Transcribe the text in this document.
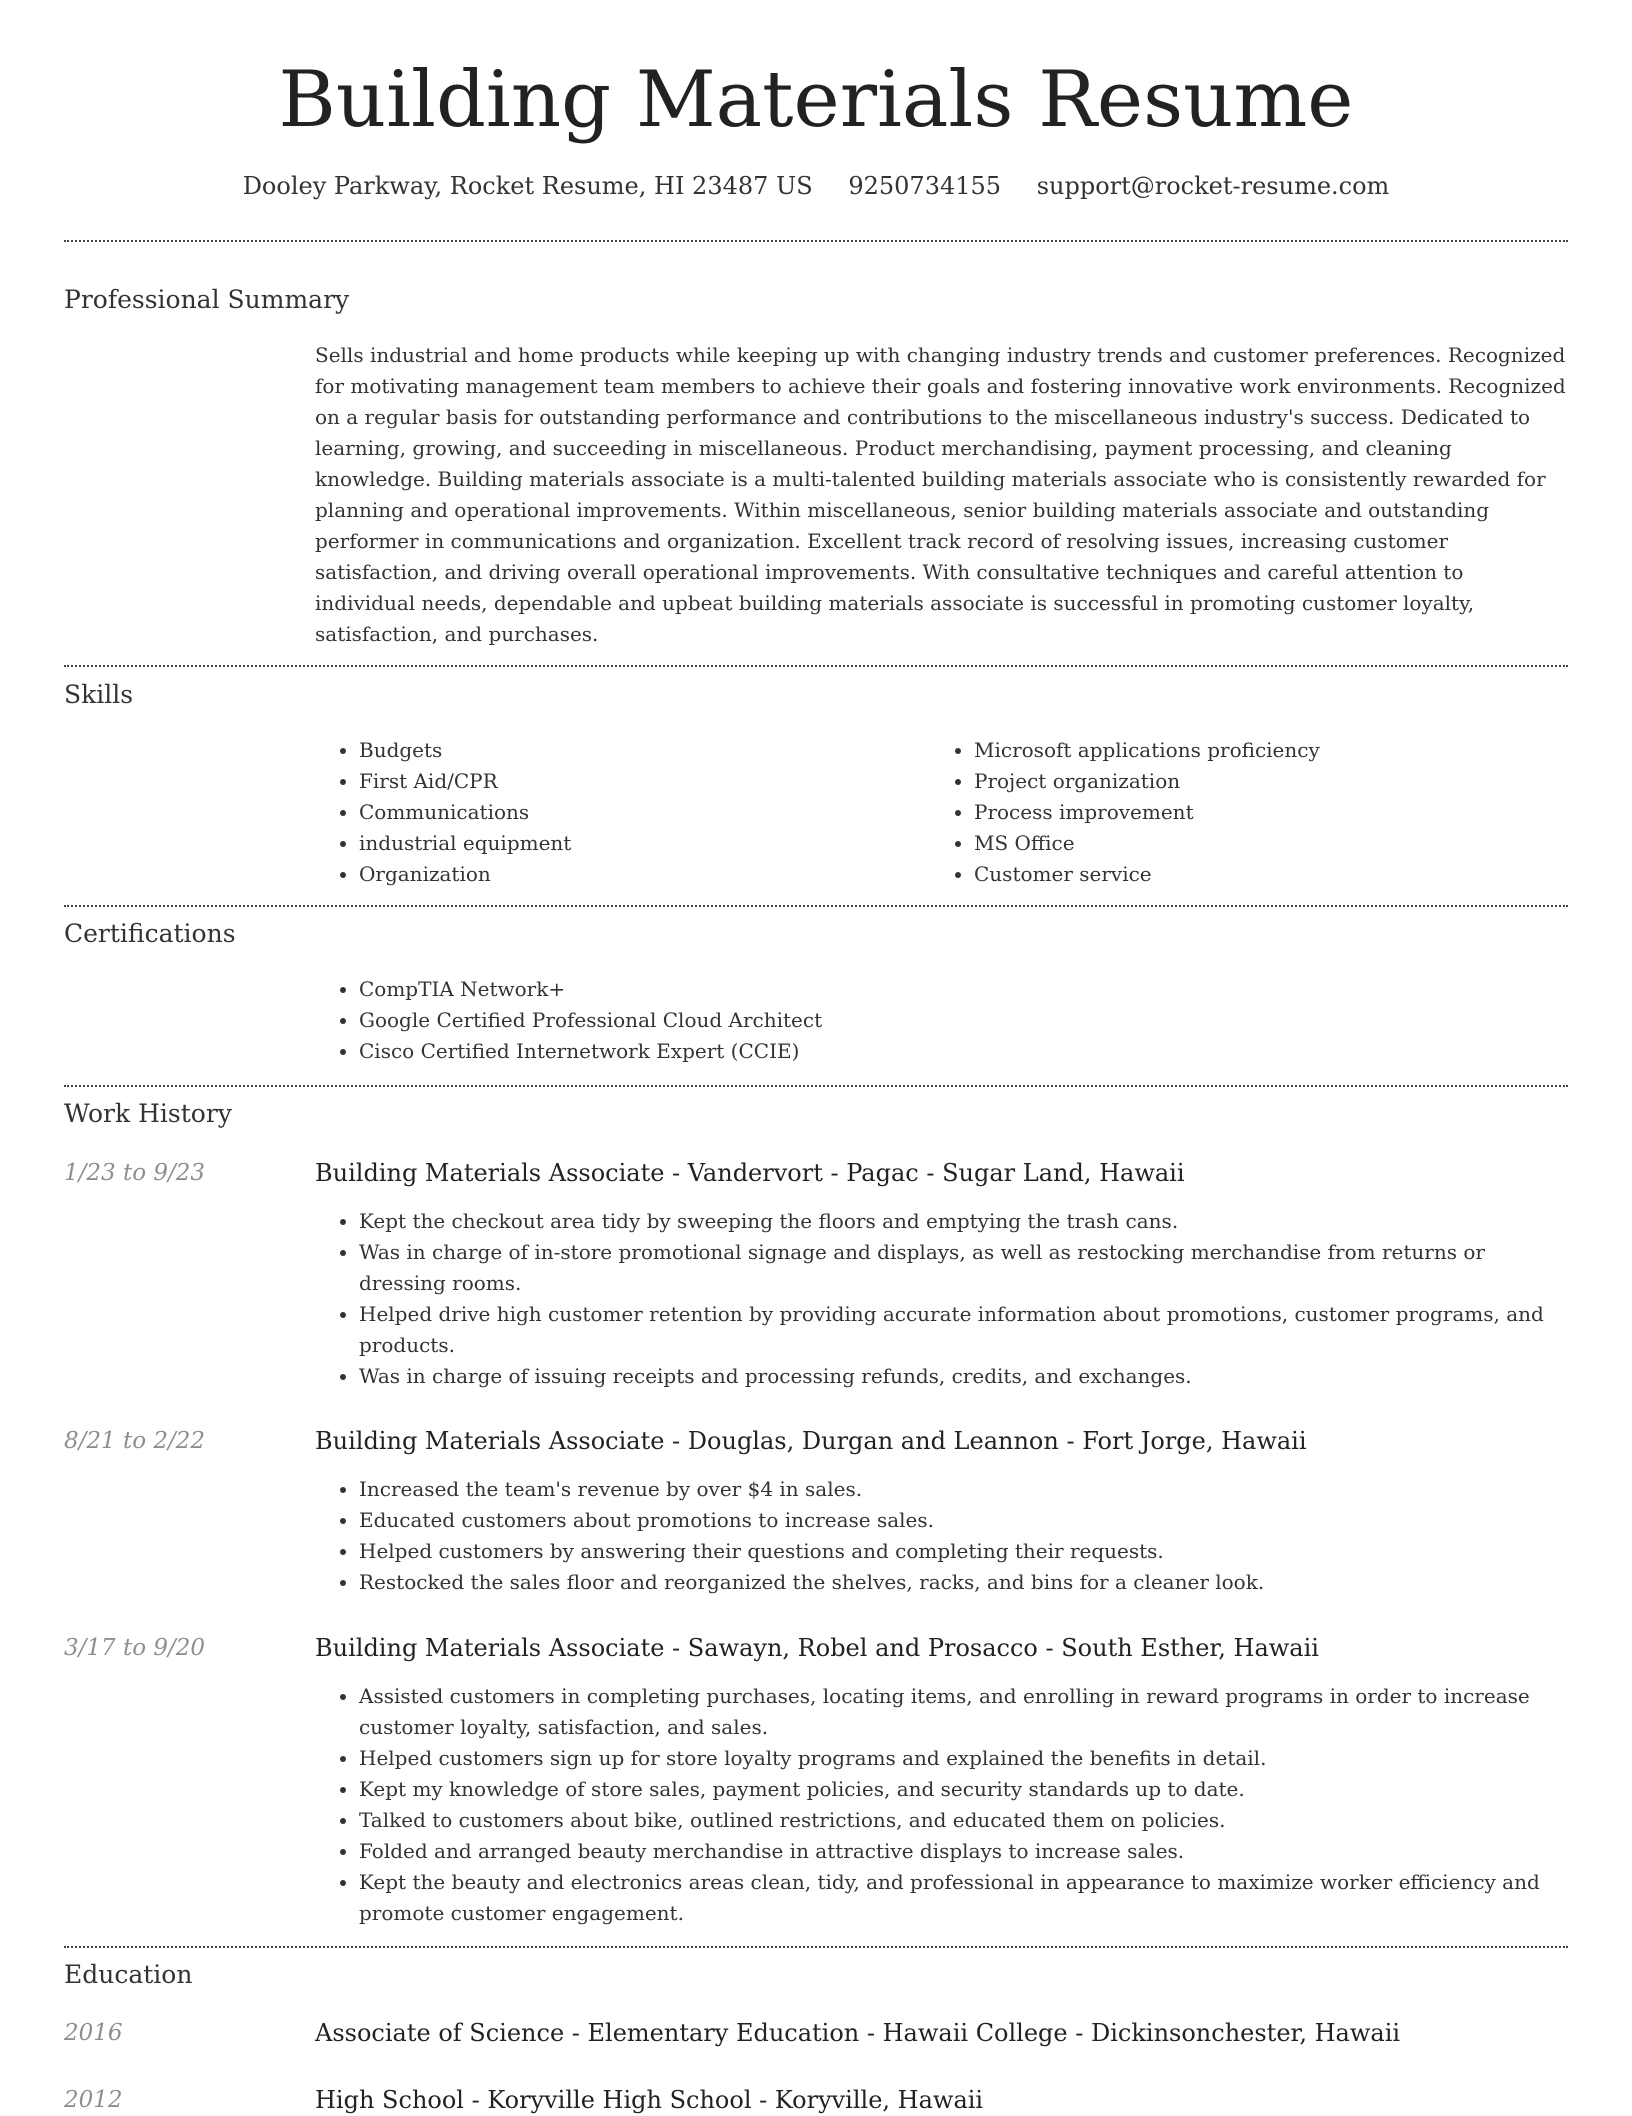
Building Materials Resume
Dooley Parkway, Rocket Resume, HI 23487 US 9250734155 support@rocket-resume.com
Professional Summary

Sells industrial and home products while keeping up with changing industry trends and customer preferences. Recognized for motivating management team members to achieve their goals and fostering innovative work environments. Recognized on a regular basis for outstanding performance and contributions to the miscellaneous industry's success. Dedicated to learning, growing, and succeeding in miscellaneous. Product merchandising, payment processing, and cleaning knowledge. Building materials associate is a multi-talented building materials associate who is consistently rewarded for planning and operational improvements. Within miscellaneous, senior building materials associate and outstanding performer in communications and organization. Excellent track record of resolving issues, increasing customer satisfaction, and driving overall operational improvements. With consultative techniques and careful attention to individual needs, dependable and upbeat building materials associate is successful in promoting customer loyalty, satisfaction, and purchases.

Skills
• Budgets
• First Aid/CPR
• Communications
• industrial equipment
• Organization
• Microsoft applications proficiency
• Project organization
• Process improvement
• MS Office
• Customer service
Certifications
• CompTIA Network+
• Google Certified Professional Cloud Architect
• Cisco Certified Internetwork Expert (CCIE)
Work History
1/23 to 9/23	Building Materials Associate - Vandervort - Pagac - Sugar Land, Hawaii
• Kept the checkout area tidy by sweeping the floors and emptying the trash cans.
• Was in charge of in-store promotional signage and displays, as well as restocking merchandise from returns or dressing rooms.
• Helped drive high customer retention by providing accurate information about promotions, customer programs, and products.
• Was in charge of issuing receipts and processing refunds, credits, and exchanges.
8/21 to 2/22	Building Materials Associate - Douglas, Durgan and Leannon - Fort Jorge, Hawaii
• Increased the team's revenue by over $4 in sales.
• Educated customers about promotions to increase sales.
• Helped customers by answering their questions and completing their requests.
• Restocked the sales floor and reorganized the shelves, racks, and bins for a cleaner look.
3/17 to 9/20	Building Materials Associate - Sawayn, Robel and Prosacco - South Esther, Hawaii
• Assisted customers in completing purchases, locating items, and enrolling in reward programs in order to increase customer loyalty, satisfaction, and sales.
• Helped customers sign up for store loyalty programs and explained the benefits in detail.
• Kept my knowledge of store sales, payment policies, and security standards up to date.
• Talked to customers about bike, outlined restrictions, and educated them on policies.
• Folded and arranged beauty merchandise in attractive displays to increase sales.
• Kept the beauty and electronics areas clean, tidy, and professional in appearance to maximize worker efficiency and promote customer engagement.
Education
2016	Associate of Science - Elementary Education - Hawaii College - Dickinsonchester, Hawaii
2012	High School - Koryville High School - Koryville, Hawaii
